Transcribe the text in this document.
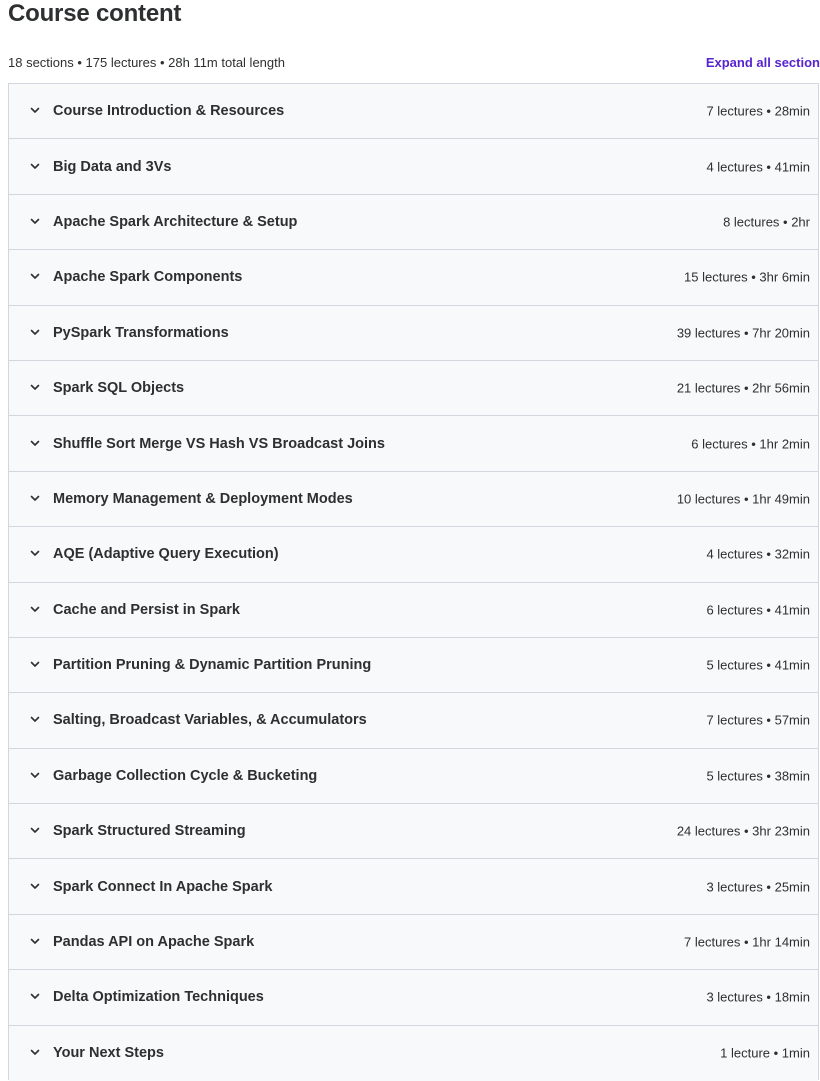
Course content
18 sections • 175 lectures • 28h 11m total length	Expand all section
Course Introduction & Resources	7 lectures • 28min
Big Data and 3Vs	4 lectures • 41min
Apache Spark Architecture & Setup	8 lectures • 2hr
Apache Spark Components	15 lectures • 3hr 6min
PySpark Transformations	39 lectures • 7hr 20min
Spark SQL Objects	21 lectures • 2hr 56min
Shuffle Sort Merge VS Hash VS Broadcast Joins	6 lectures • 1hr 2min
Memory Management & Deployment Modes	10 lectures • 1hr 49min
AQE (Adaptive Query Execution)	4 lectures • 32min
Cache and Persist in Spark	6 lectures • 41min
Partition Pruning & Dynamic Partition Pruning	5 lectures • 41min
Salting, Broadcast Variables, & Accumulators	7 lectures • 57min
Garbage Collection Cycle & Bucketing	5 lectures • 38min
Spark Structured Streaming	24 lectures • 3hr 23min
Spark Connect In Apache Spark	3 lectures • 25min
Pandas API on Apache Spark	7 lectures • 1hr 14min
Delta Optimization Techniques	3 lectures • 18min
Your Next Steps	1 lecture • 1min
